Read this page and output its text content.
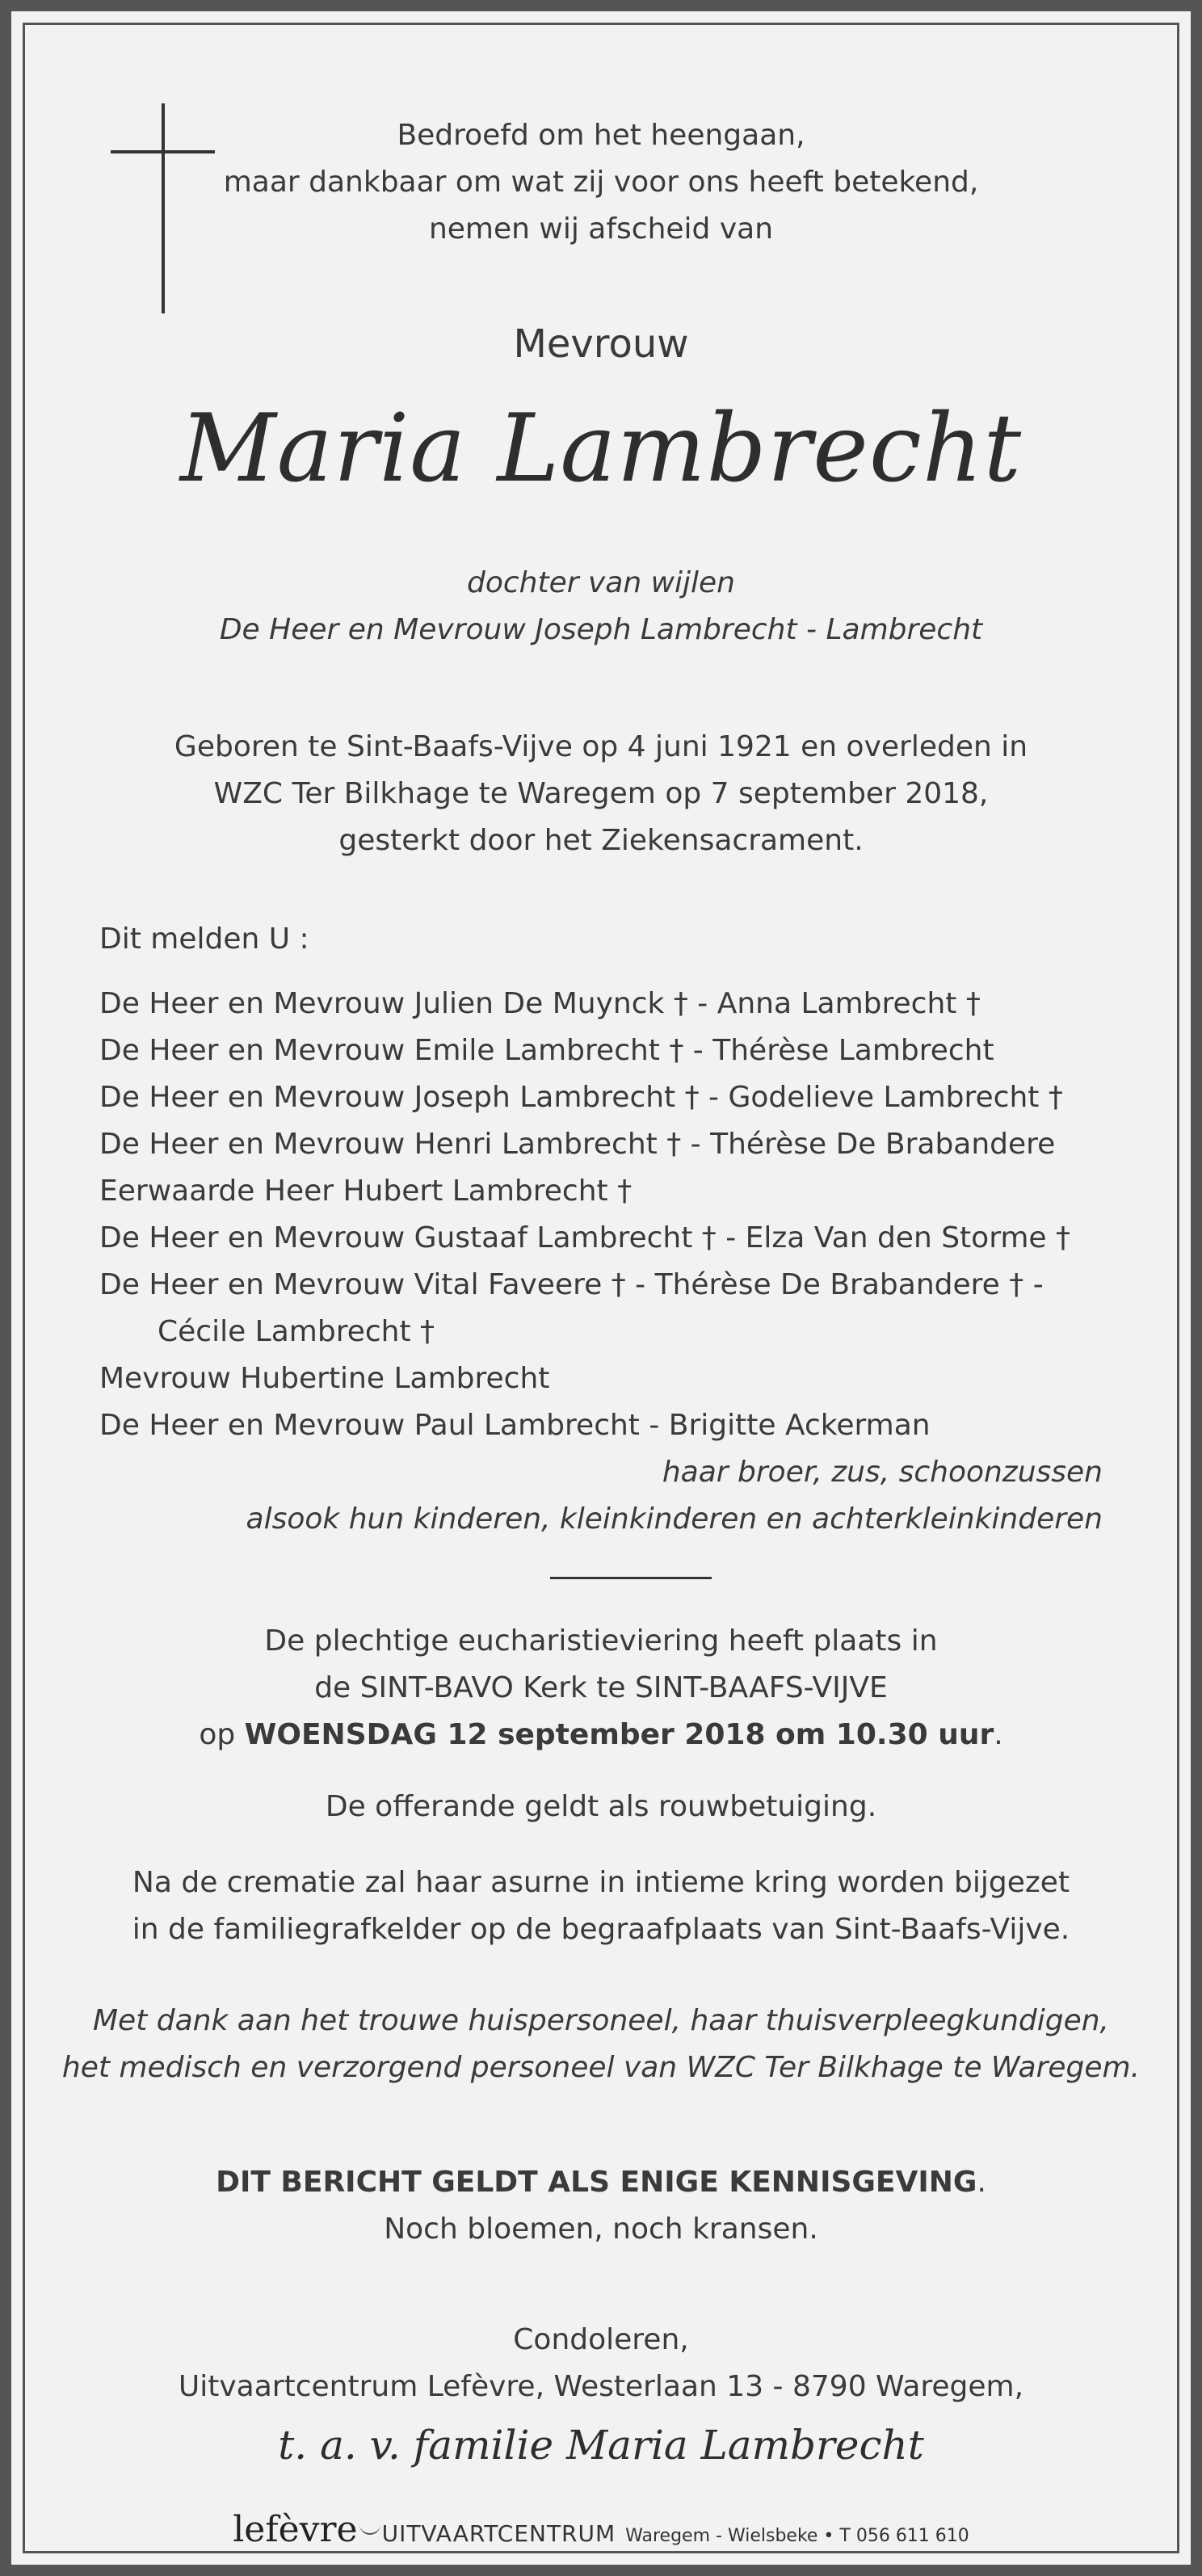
Bedroefd om het heengaan,
maar dankbaar om wat zij voor ons heeft betekend,
nemen wij afscheid van
Mevrouw
Maria Lambrecht
dochter van wijlen
De Heer en Mevrouw Joseph Lambrecht - Lambrecht
Geboren te Sint-Baafs-Vijve op 4 juni 1921 en overleden in
WZC Ter Bilkhage te Waregem op 7 september 2018,
gesterkt door het Ziekensacrament.
Dit melden U :
De Heer en Mevrouw Julien De Muynck † - Anna Lambrecht †
De Heer en Mevrouw Emile Lambrecht † - Thérèse Lambrecht
De Heer en Mevrouw Joseph Lambrecht † - Godelieve Lambrecht †
De Heer en Mevrouw Henri Lambrecht † - Thérèse De Brabandere
Eerwaarde Heer Hubert Lambrecht †
De Heer en Mevrouw Gustaaf Lambrecht † - Elza Van den Storme †
De Heer en Mevrouw Vital Faveere † - Thérèse De Brabandere † -
Cécile Lambrecht †
Mevrouw Hubertine Lambrecht
De Heer en Mevrouw Paul Lambrecht - Brigitte Ackerman
haar broer, zus, schoonzussen
alsook hun kinderen, kleinkinderen en achterkleinkinderen
De plechtige eucharistieviering heeft plaats in
de SINT-BAVO Kerk te SINT-BAAFS-VIJVE
op WOENSDAG 12 september 2018 om 10.30 uur.
De offerande geldt als rouwbetuiging.
Na de crematie zal haar asurne in intieme kring worden bijgezet
in de familiegrafkelder op de begraafplaats van Sint-Baafs-Vijve.
Met dank aan het trouwe huispersoneel, haar thuisverpleegkundigen,
het medisch en verzorgend personeel van WZC Ter Bilkhage te Waregem.
DIT BERICHT GELDT ALS ENIGE KENNISGEVING.
Noch bloemen, noch kransen.
Condoleren,
Uitvaartcentrum Lefèvre, Westerlaan 13 - 8790 Waregem,
t. a. v. familie Maria Lambrecht
lefèvre UITVAARTCENTRUM Waregem - Wielsbeke • T 056 611 610
